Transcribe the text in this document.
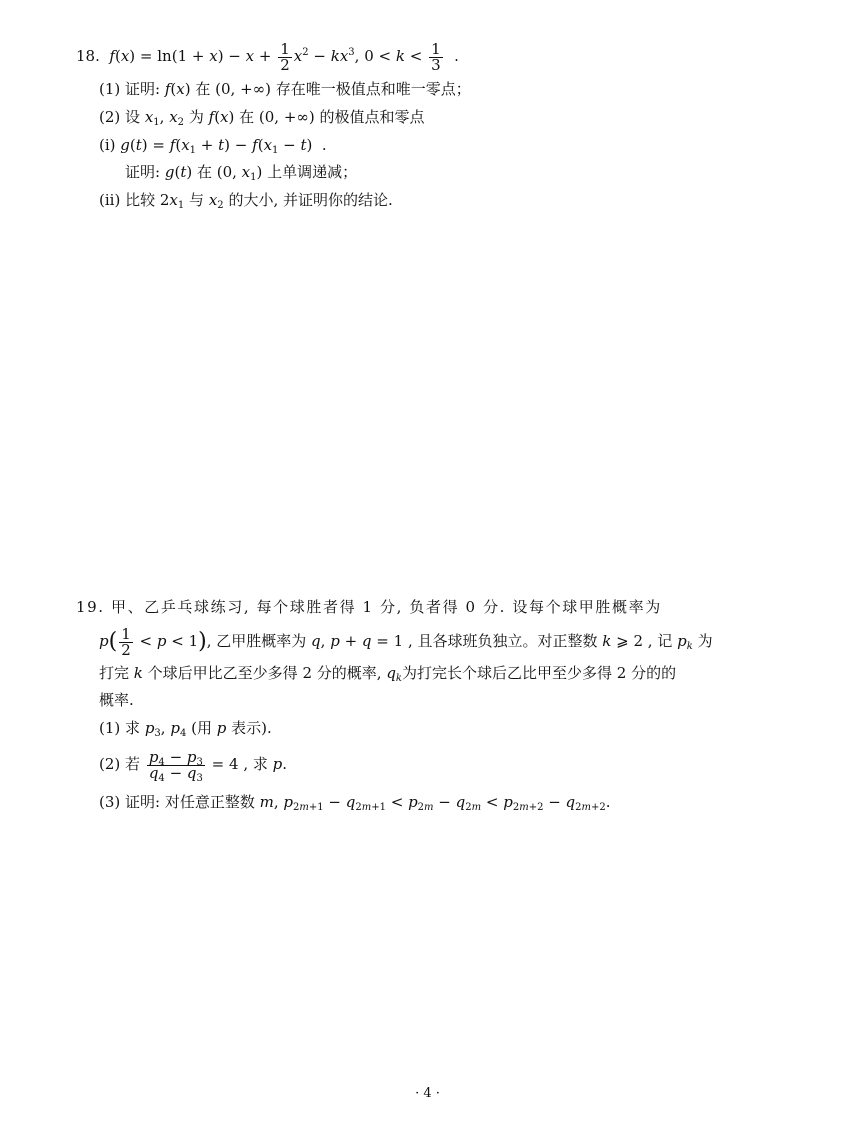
18.  $f(x) = \ln(1 + x) - x + \frac{1}{2} x^2 - kx^3$, $0 < k < \frac{1}{3}$ .
(1) 证明: f(x) 在 (0, +∞) 存在唯一极值点和唯一零点；
(2) 设 $x_1$, $x_2$ 为 f(x) 在 (0, +∞) 的极值点和零点
(i) $g(t) = f(x_1 + t) - f(x_1 - t)$  .
证明: g(t) 在 (0, $x_1$) 上单调递减；
(ii) 比较 $2x_1$ 与 $x_2$ 的大小, 并证明你的结论.
19. 甲、乙乒乓球练习, 每个球胜者得 1 分, 负者得 0 分. 设每个球甲胜概率为
$p( \frac{1}{2} < p < 1)$, 乙甲胜概率为 q, p + q = 1 , 且各球班负独立。对正整数 k ⩾ 2 , 记 $p_k$ 为
打完 k 个球后甲比乙至少多得 2 分的概率, $q_k$为打完长个球后乙比甲至少多得 2 分的的
概率.
(1) 求 $p_3$, $p_4$ (用 p 表示).
(2) 若 $\frac{p_4 - p_3}{q_4 - q_3} = 4$ , 求 p.
(3) 证明: 对任意正整数 m, $p_{2m+1} - q_{2m+1} < p_{2m} - q_{2m} < p_{2m+2} - q_{2m+2}$.
· 4 ·
